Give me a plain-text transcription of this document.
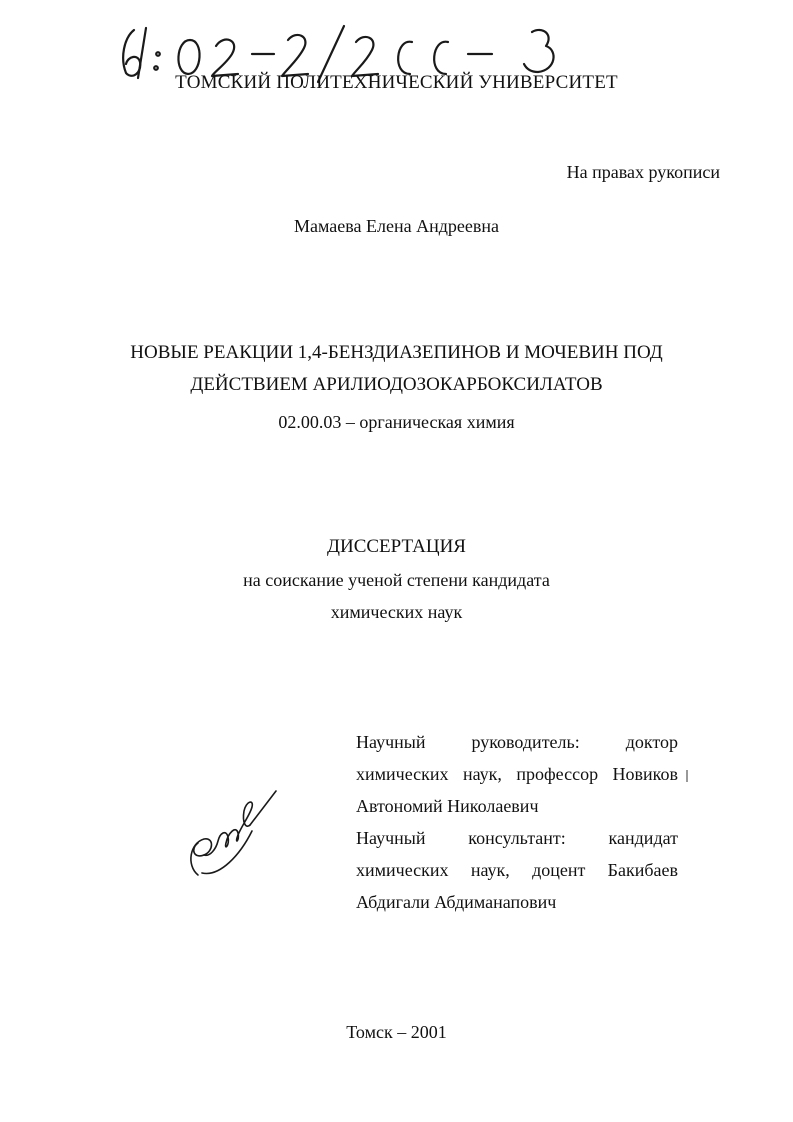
ТОМСКИЙ ПОЛИТЕХНИЧЕСКИЙ УНИВЕРСИТЕТ
На правах рукописи
Мамаева Елена Андреевна
НОВЫЕ РЕАКЦИИ 1,4-БЕНЗДИАЗЕПИНОВ И МОЧЕВИН ПОД
ДЕЙСТВИЕМ АРИЛИОДОЗОКАРБОКСИЛАТОВ
02.00.03 – органическая химия
ДИССЕРТАЦИЯ
на соискание ученой степени кандидата
химических наук
Научный руководитель: доктор
химических наук, профессор Новиков
Автономий Николаевич
Научный консультант: кандидат
химических наук, доцент Бакибаев
Абдигали Абдиманапович
Томск – 2001
